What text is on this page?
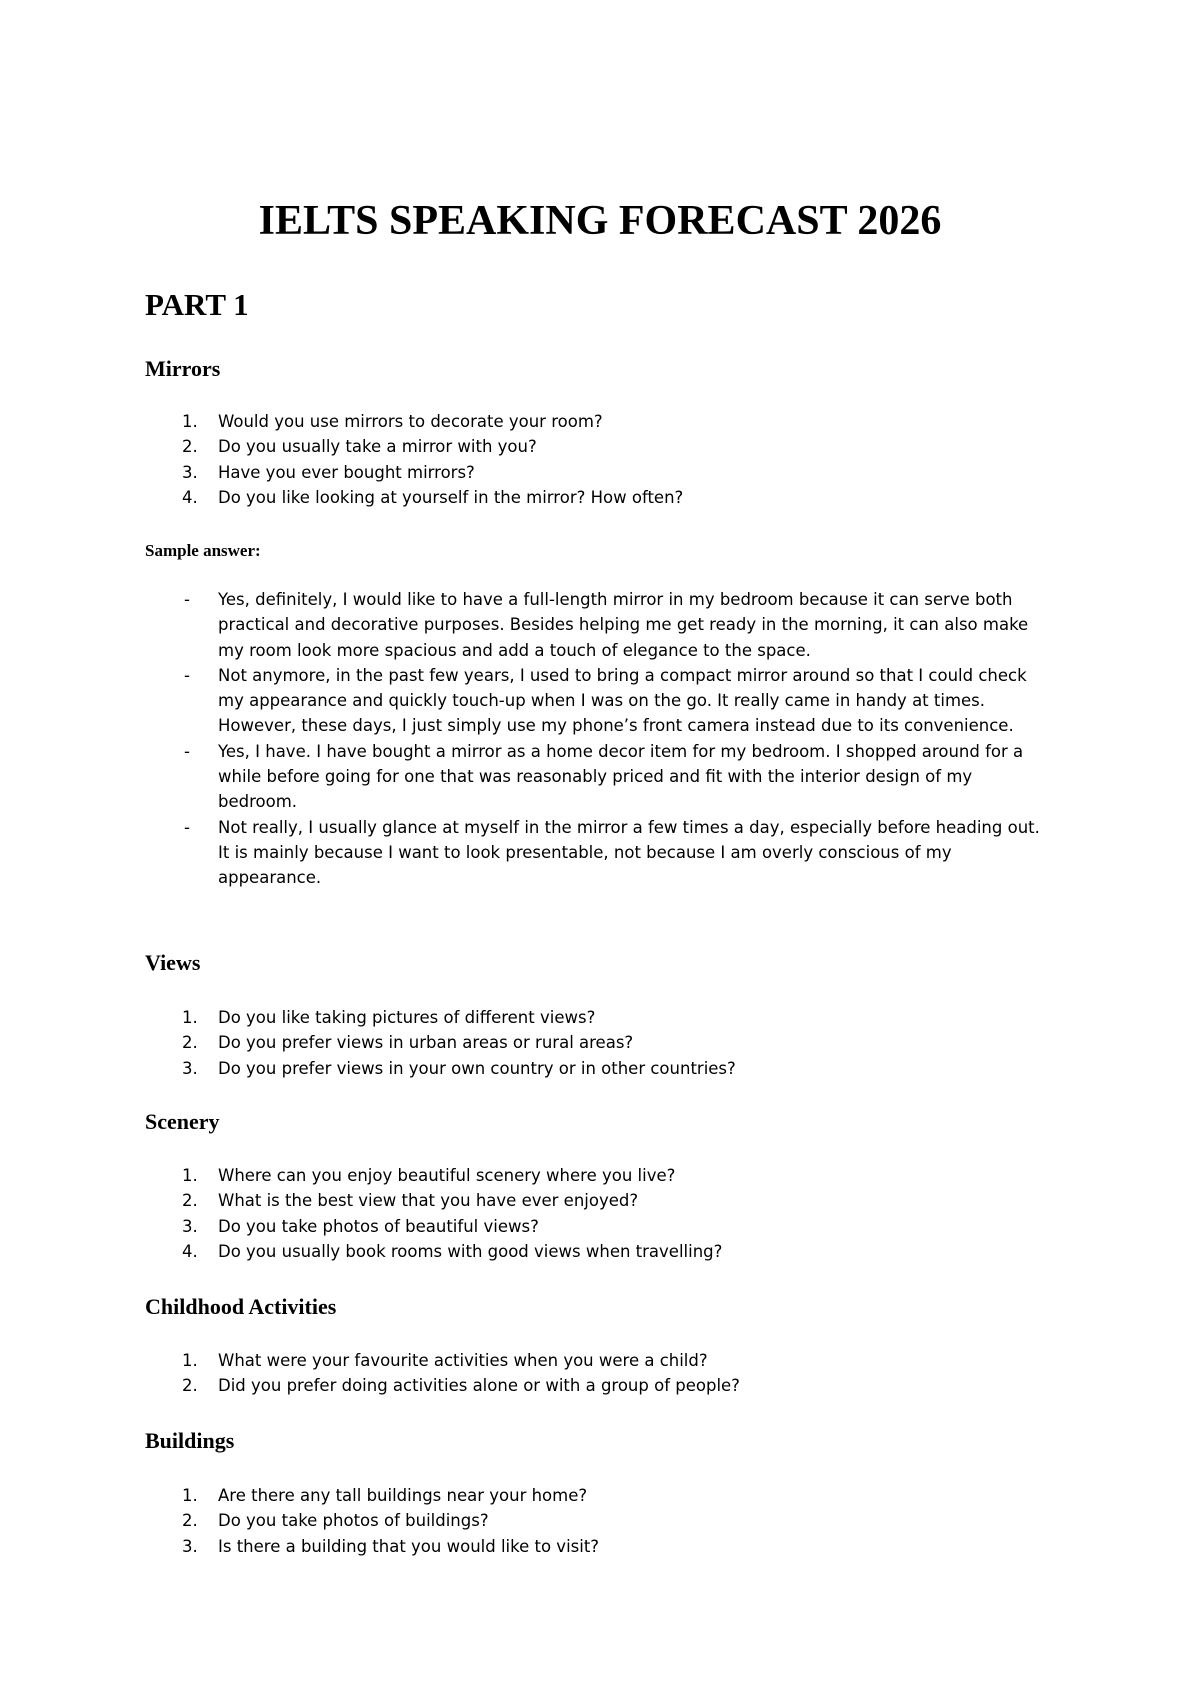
IELTS SPEAKING FORECAST 2026
PART 1
Mirrors
1. Would you use mirrors to decorate your room?
2. Do you usually take a mirror with you?
3. Have you ever bought mirrors?
4. Do you like looking at yourself in the mirror? How often?
Sample answer:
- Yes, definitely, I would like to have a full-length mirror in my bedroom because it can serve both practical and decorative purposes. Besides helping me get ready in the morning, it can also make my room look more spacious and add a touch of elegance to the space.
- Not anymore, in the past few years, I used to bring a compact mirror around so that I could check my appearance and quickly touch-up when I was on the go. It really came in handy at times. However, these days, I just simply use my phone’s front camera instead due to its convenience.
- Yes, I have. I have bought a mirror as a home decor item for my bedroom. I shopped around for a while before going for one that was reasonably priced and fit with the interior design of my bedroom.
- Not really, I usually glance at myself in the mirror a few times a day, especially before heading out. It is mainly because I want to look presentable, not because I am overly conscious of my appearance.
Views
1. Do you like taking pictures of different views?
2. Do you prefer views in urban areas or rural areas?
3. Do you prefer views in your own country or in other countries?
Scenery
1. Where can you enjoy beautiful scenery where you live?
2. What is the best view that you have ever enjoyed?
3. Do you take photos of beautiful views?
4. Do you usually book rooms with good views when travelling?
Childhood Activities
1. What were your favourite activities when you were a child?
2. Did you prefer doing activities alone or with a group of people?
Buildings
1. Are there any tall buildings near your home?
2. Do you take photos of buildings?
3. Is there a building that you would like to visit?
